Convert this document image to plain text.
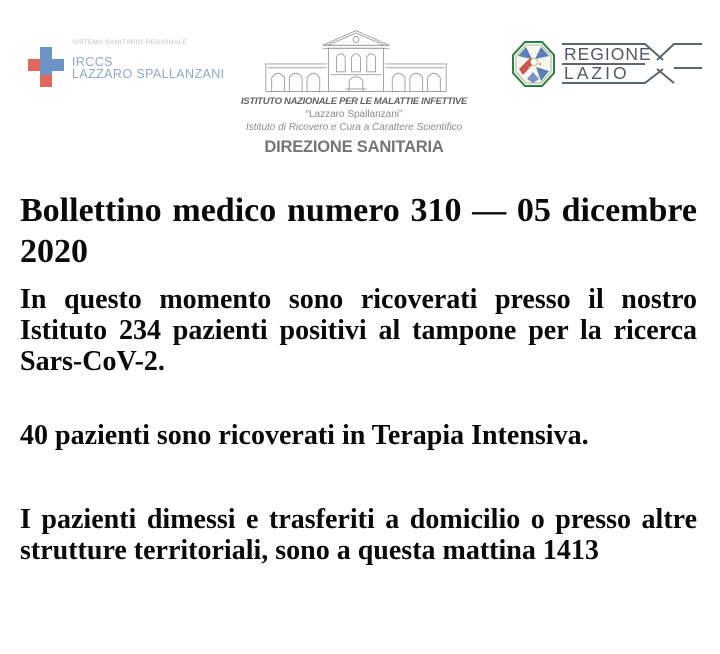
SISTEMA SANITARIO REGIONALE
IRCCS
LAZZARO SPALLANZANI
ISTITUTO NAZIONALE PER LE MALATTIE INFETTIVE
“Lazzaro Spallanzani”
Istituto di Ricovero e Cura a Carattere Scientifico
DIREZIONE SANITARIA
REGIONE
LAZIO
Bollettino medico numero 310 — 05 dicembre
2020
In questo momento sono ricoverati presso il nostro
Istituto 234 pazienti positivi al tampone per la ricerca
Sars-CoV-2.
40 pazienti sono ricoverati in Terapia Intensiva.
I pazienti dimessi e trasferiti a domicilio o presso altre
strutture territoriali, sono a questa mattina 1413
